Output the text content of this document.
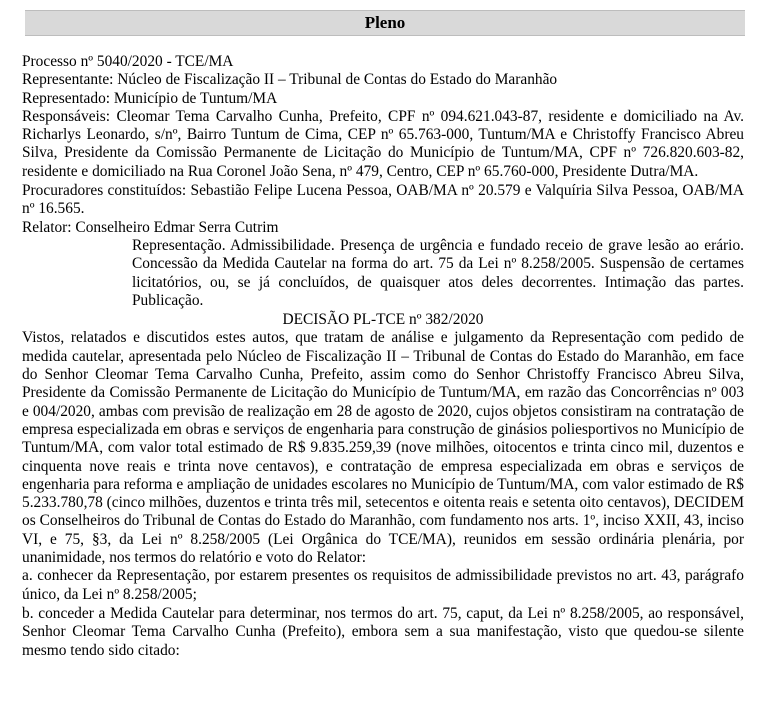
Pleno

Processo nº 5040/2020 - TCE/MA

Representante: Núcleo de Fiscalização II – Tribunal de Contas do Estado do Maranhão

Representado: Município de Tuntum/MA

Responsáveis: Cleomar Tema Carvalho Cunha, Prefeito, CPF nº 094.621.043-87, residente e domiciliado na Av. Richarlys Leonardo, s/nº, Bairro Tuntum de Cima, CEP nº 65.763-000, Tuntum/MA e Christoffy Francisco Abreu Silva, Presidente da Comissão Permanente de Licitação do Município de Tuntum/MA, CPF nº 726.820.603-82, residente e domiciliado na Rua Coronel João Sena, nº 479, Centro, CEP nº 65.760-000, Presidente Dutra/MA.

Procuradores constituídos: Sebastião Felipe Lucena Pessoa, OAB/MA nº 20.579 e Valquíria Silva Pessoa, OAB/MA nº 16.565.

Relator: Conselheiro Edmar Serra Cutrim

Representação. Admissibilidade. Presença de urgência e fundado receio de grave lesão ao erário. Concessão da Medida Cautelar na forma do art. 75 da Lei nº 8.258/2005. Suspensão de certames licitatórios, ou, se já concluídos, de quaisquer atos deles decorrentes. Intimação das partes. Publicação.

DECISÃO PL-TCE nº 382/2020

Vistos, relatados e discutidos estes autos, que tratam de análise e julgamento da Representação com pedido de medida cautelar, apresentada pelo Núcleo de Fiscalização II – Tribunal de Contas do Estado do Maranhão, em face do Senhor Cleomar Tema Carvalho Cunha, Prefeito, assim como do Senhor Christoffy Francisco Abreu Silva, Presidente da Comissão Permanente de Licitação do Município de Tuntum/MA, em razão das Concorrências nº 003 e 004/2020, ambas com previsão de realização em 28 de agosto de 2020, cujos objetos consistiram na contratação de empresa especializada em obras e serviços de engenharia para construção de ginásios poliesportivos no Município de Tuntum/MA, com valor total estimado de R$ 9.835.259,39 (nove milhões, oitocentos e trinta cinco mil, duzentos e cinquenta nove reais e trinta nove centavos), e contratação de empresa especializada em obras e serviços de engenharia para reforma e ampliação de unidades escolares no Município de Tuntum/MA, com valor estimado de R$ 5.233.780,78 (cinco milhões, duzentos e trinta três mil, setecentos e oitenta reais e setenta oito centavos), DECIDEM os Conselheiros do Tribunal de Contas do Estado do Maranhão, com fundamento nos arts. 1º, inciso XXII, 43, inciso VI, e 75, §3, da Lei nº 8.258/2005 (Lei Orgânica do TCE/MA), reunidos em sessão ordinária plenária, por unanimidade, nos termos do relatório e voto do Relator:

a. conhecer da Representação, por estarem presentes os requisitos de admissibilidade previstos no art. 43, parágrafo único, da Lei nº 8.258/2005;

b. conceder a Medida Cautelar para determinar, nos termos do art. 75, caput, da Lei nº 8.258/2005, ao responsável, Senhor Cleomar Tema Carvalho Cunha (Prefeito), embora sem a sua manifestação, visto que quedou-se silente mesmo tendo sido citado:
